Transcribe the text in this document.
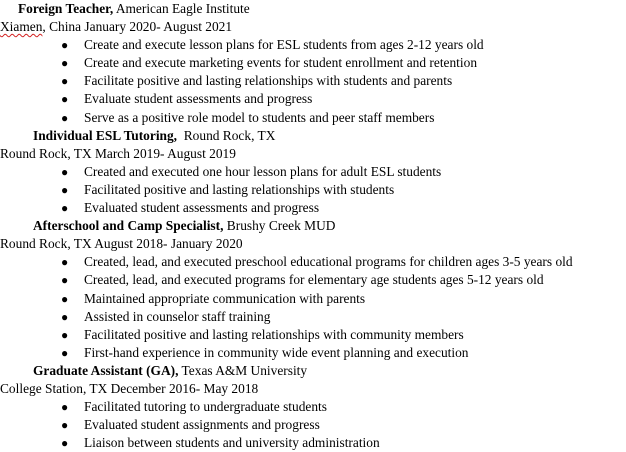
Foreign Teacher, American Eagle Institute
Xiamen, China January 2020- August 2021
● Create and execute lesson plans for ESL students from ages 2-12 years old
● Create and execute marketing events for student enrollment and retention
● Facilitate positive and lasting relationships with students and parents
● Evaluate student assessments and progress
● Serve as a positive role model to students and peer staff members
Individual ESL Tutoring,  Round Rock, TX
Round Rock, TX March 2019- August 2019
● Created and executed one hour lesson plans for adult ESL students
● Facilitated positive and lasting relationships with students
● Evaluated student assessments and progress
Afterschool and Camp Specialist, Brushy Creek MUD
Round Rock, TX August 2018- January 2020
● Created, lead, and executed preschool educational programs for children ages 3-5 years old
● Created, lead, and executed programs for elementary age students ages 5-12 years old
● Maintained appropriate communication with parents
● Assisted in counselor staff training
● Facilitated positive and lasting relationships with community members
● First-hand experience in community wide event planning and execution
Graduate Assistant (GA), Texas A&M University
College Station, TX December 2016- May 2018
● Facilitated tutoring to undergraduate students
● Evaluated student assignments and progress
● Liaison between students and university administration
